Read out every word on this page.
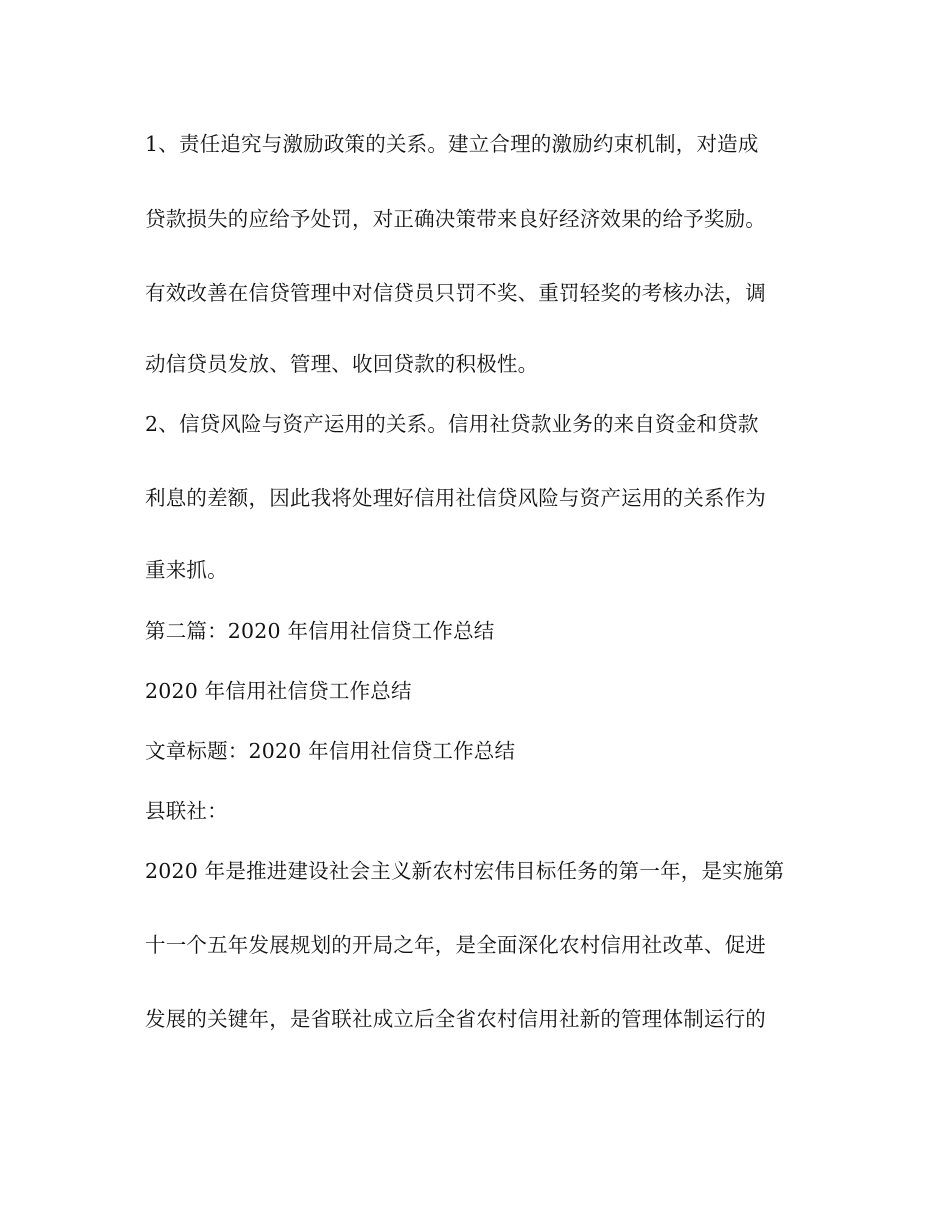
1、责任追究与激励政策的关系。建立合理的激励约束机制，对造成
贷款损失的应给予处罚，对正确决策带来良好经济效果的给予奖励。
有效改善在信贷管理中对信贷员只罚不奖、重罚轻奖的考核办法，调
动信贷员发放、管理、收回贷款的积极性。
2、信贷风险与资产运用的关系。信用社贷款业务的来自资金和贷款
利息的差额，因此我将处理好信用社信贷风险与资产运用的关系作为
重来抓。
第二篇：2020 年信用社信贷工作总结
2020 年信用社信贷工作总结
文章标题：2020 年信用社信贷工作总结
县联社：
2020 年是推进建设社会主义新农村宏伟目标任务的第一年，是实施第
十一个五年发展规划的开局之年，是全面深化农村信用社改革、促进
发展的关键年，是省联社成立后全省农村信用社新的管理体制运行的
